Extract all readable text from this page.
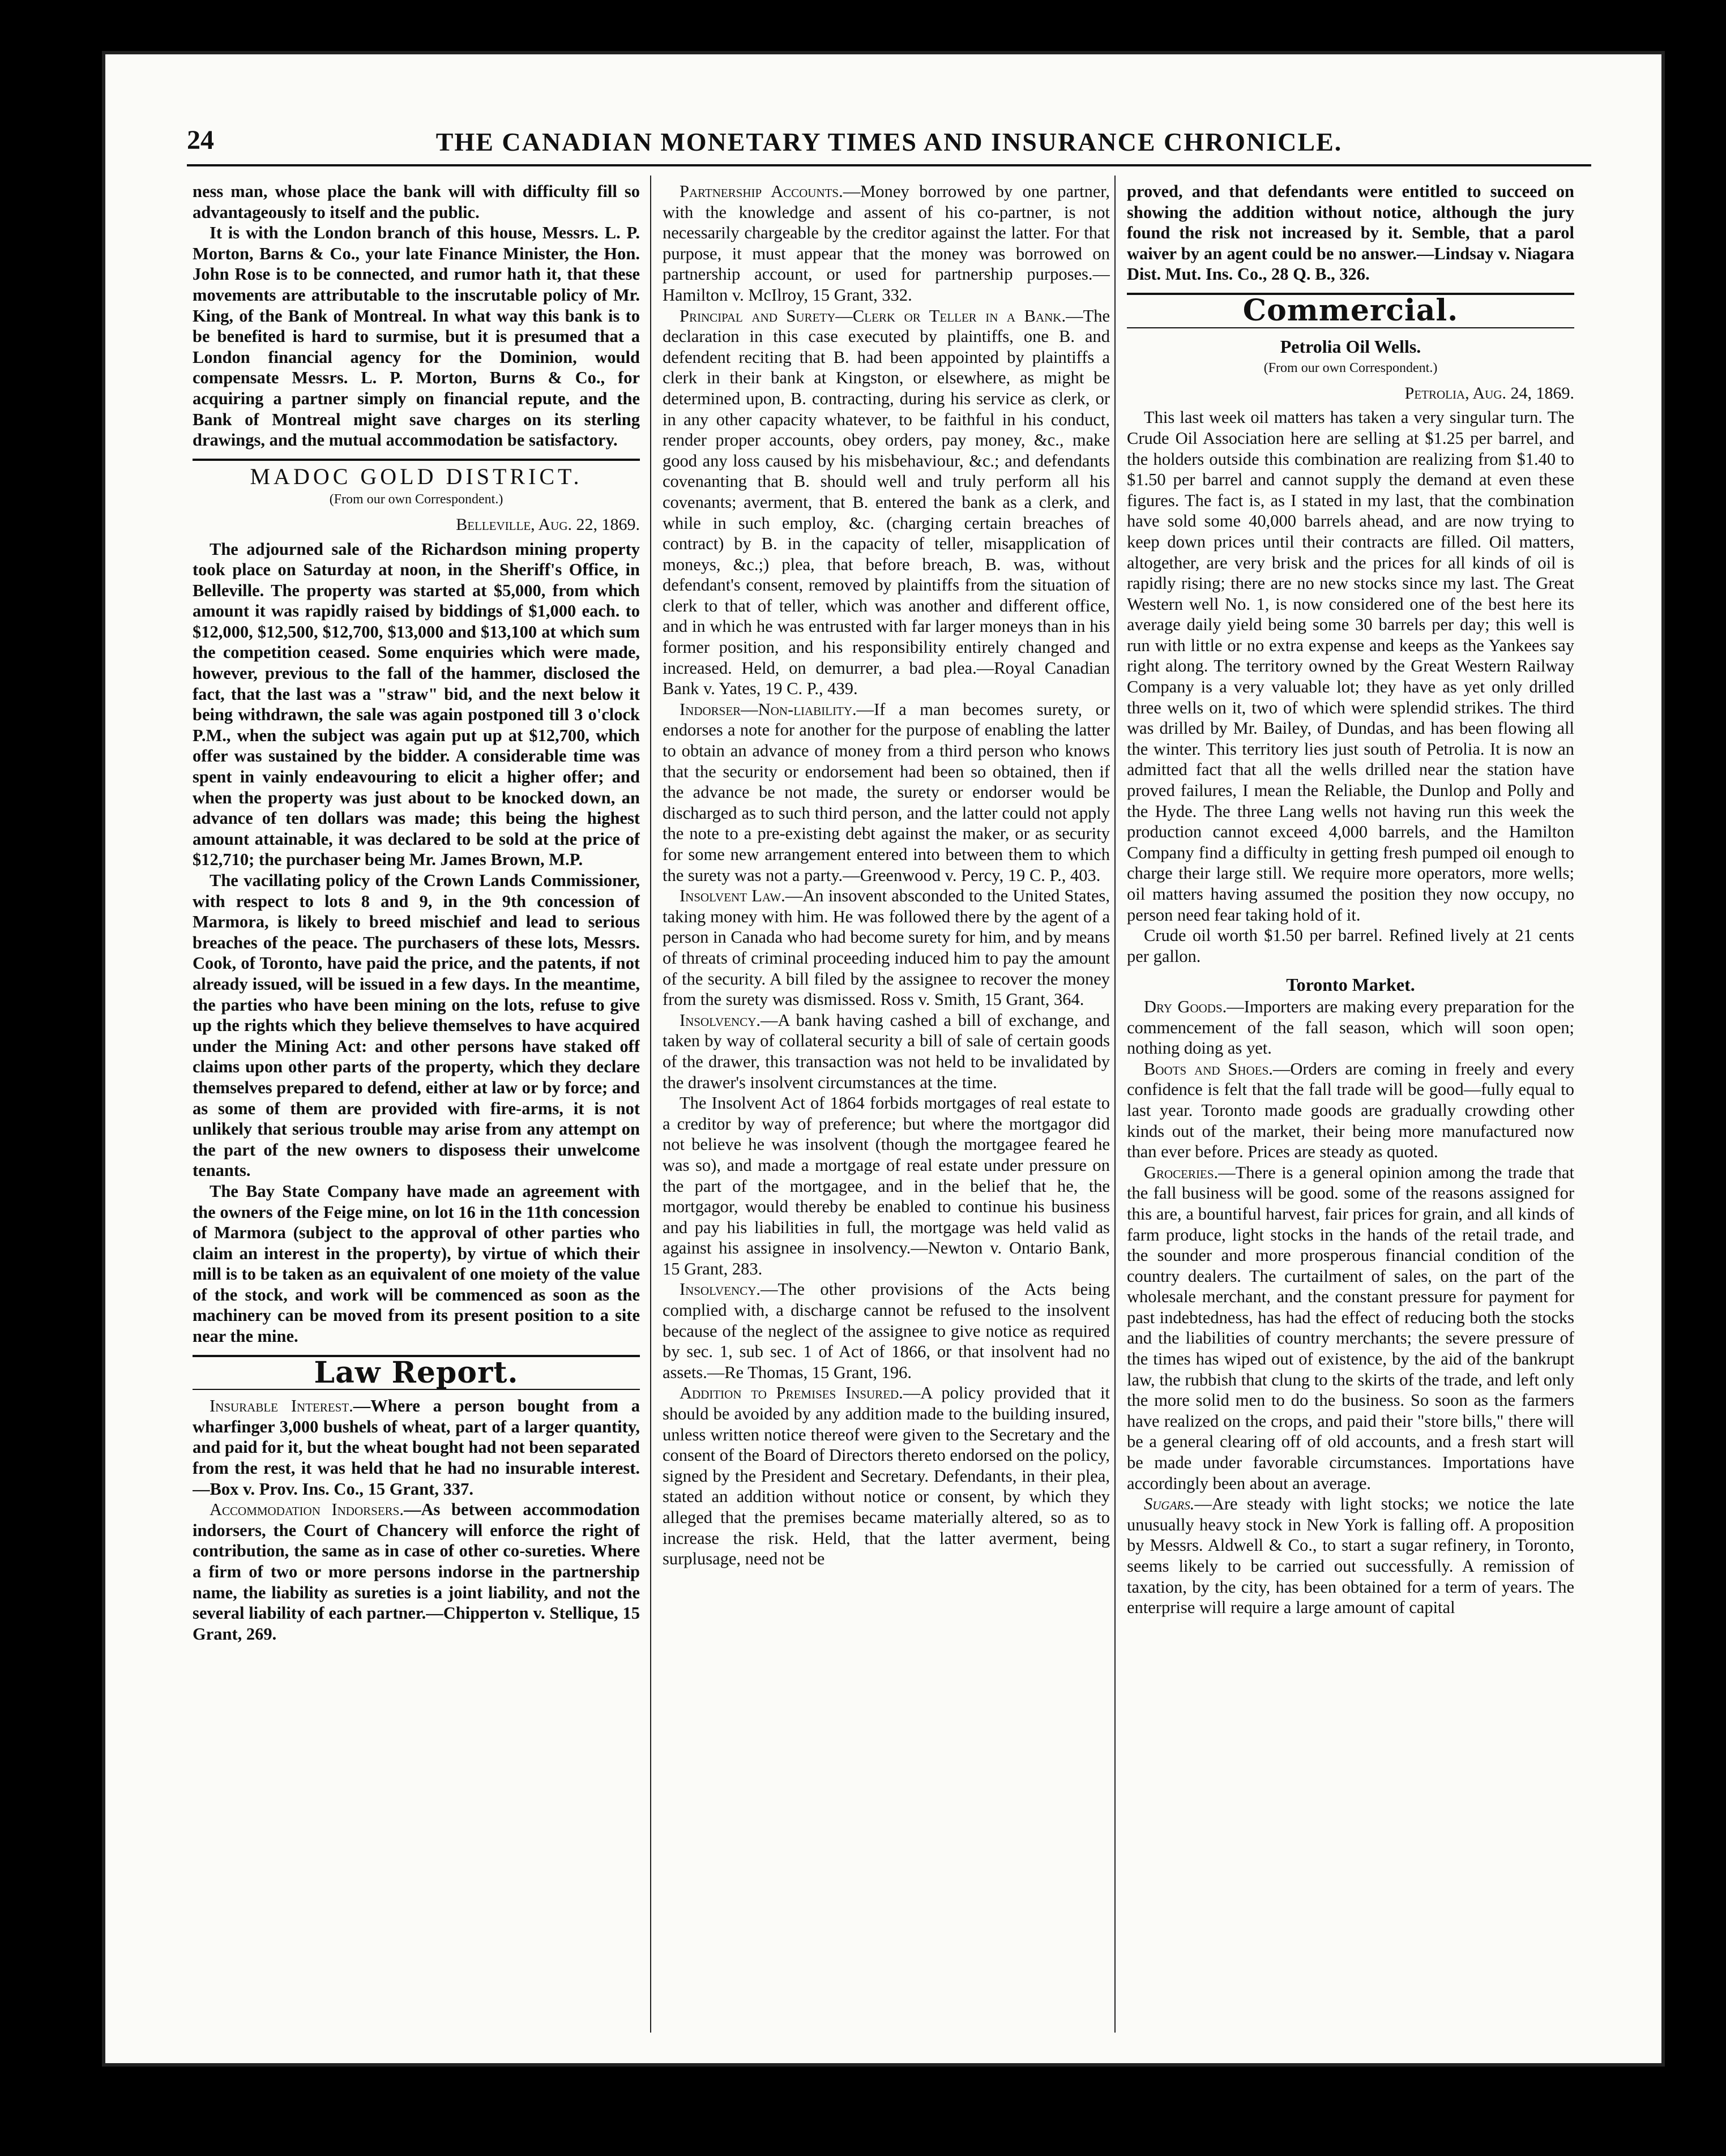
24	THE CANADIAN MONETARY TIMES AND INSURANCE CHRONICLE.

ness man, whose place the bank will with difficulty fill so advantageously to itself and the public.

It is with the London branch of this house, Messrs. L. P. Morton, Barns & Co., your late Finance Minister, the Hon. John Rose is to be connected, and rumor hath it, that these movements are attributable to the inscrutable policy of Mr. King, of the Bank of Montreal. In what way this bank is to be benefited is hard to surmise, but it is presumed that a London financial agency for the Dominion, would compensate Messrs. L. P. Morton, Burns & Co., for acquiring a partner simply on financial repute, and the Bank of Montreal might save charges on its sterling drawings, and the mutual accommodation be satisfactory.

MADOC GOLD DISTRICT.
(From our own Correspondent.)
Belleville, Aug. 22, 1869.

The adjourned sale of the Richardson mining property took place on Saturday at noon, in the Sheriff's Office, in Belleville. The property was started at $5,000, from which amount it was rapidly raised by biddings of $1,000 each. to $12,000, $12,500, $12,700, $13,000 and $13,100 at which sum the competition ceased. Some enquiries which were made, however, previous to the fall of the hammer, disclosed the fact, that the last was a "straw" bid, and the next below it being withdrawn, the sale was again postponed till 3 o'clock P.M., when the subject was again put up at $12,700, which offer was sustained by the bidder. A considerable time was spent in vainly endeavouring to elicit a higher offer; and when the property was just about to be knocked down, an advance of ten dollars was made; this being the highest amount attainable, it was declared to be sold at the price of $12,710; the purchaser being Mr. James Brown, M.P.

The vacillating policy of the Crown Lands Commissioner, with respect to lots 8 and 9, in the 9th concession of Marmora, is likely to breed mischief and lead to serious breaches of the peace. The purchasers of these lots, Messrs. Cook, of Toronto, have paid the price, and the patents, if not already issued, will be issued in a few days. In the meantime, the parties who have been mining on the lots, refuse to give up the rights which they believe themselves to have acquired under the Mining Act: and other persons have staked off claims upon other parts of the property, which they declare themselves prepared to defend, either at law or by force; and as some of them are provided with fire-arms, it is not unlikely that serious trouble may arise from any attempt on the part of the new owners to disposess their unwelcome tenants.

The Bay State Company have made an agreement with the owners of the Feige mine, on lot 16 in the 11th concession of Marmora (subject to the approval of other parties who claim an interest in the property), by virtue of which their mill is to be taken as an equivalent of one moiety of the value of the stock, and work will be commenced as soon as the machinery can be moved from its present position to a site near the mine.

Law Report.

Insurable Interest.—Where a person bought from a wharfinger 3,000 bushels of wheat, part of a larger quantity, and paid for it, but the wheat bought had not been separated from the rest, it was held that he had no insurable interest.—Box v. Prov. Ins. Co., 15 Grant, 337.

Accommodation Indorsers.—As between accommodation indorsers, the Court of Chancery will enforce the right of contribution, the same as in case of other co-sureties. Where a firm of two or more persons indorse in the partnership name, the liability as sureties is a joint liability, and not the several liability of each partner.—Chipperton v. Stellique, 15 Grant, 269.

Partnership Accounts.—Money borrowed by one partner, with the knowledge and assent of his co-partner, is not necessarily chargeable by the creditor against the latter. For that purpose, it must appear that the money was borrowed on partnership account, or used for partnership purposes.—Hamilton v. McIlroy, 15 Grant, 332.

Principal and Surety—Clerk or Teller in a Bank.—The declaration in this case executed by plaintiffs, one B. and defendent reciting that B. had been appointed by plaintiffs a clerk in their bank at Kingston, or elsewhere, as might be determined upon, B. contracting, during his service as clerk, or in any other capacity whatever, to be faithful in his conduct, render proper accounts, obey orders, pay money, &c., make good any loss caused by his misbehaviour, &c.; and defendants covenanting that B. should well and truly perform all his covenants; averment, that B. entered the bank as a clerk, and while in such employ, &c. (charging certain breaches of contract) by B. in the capacity of teller, misapplication of moneys, &c.;) plea, that before breach, B. was, without defendant's consent, removed by plaintiffs from the situation of clerk to that of teller, which was another and different office, and in which he was entrusted with far larger moneys than in his former position, and his responsibility entirely changed and increased. Held, on demurrer, a bad plea.—Royal Canadian Bank v. Yates, 19 C. P., 439.

Indorser—Non-liability.—If a man becomes surety, or endorses a note for another for the purpose of enabling the latter to obtain an advance of money from a third person who knows that the security or endorsement had been so obtained, then if the advance be not made, the surety or endorser would be discharged as to such third person, and the latter could not apply the note to a pre-existing debt against the maker, or as security for some new arrangement entered into between them to which the surety was not a party.—Greenwood v. Percy, 19 C. P., 403.

Insolvent Law.—An insovent absconded to the United States, taking money with him. He was followed there by the agent of a person in Canada who had become surety for him, and by means of threats of criminal proceeding induced him to pay the amount of the security. A bill filed by the assignee to recover the money from the surety was dismissed. Ross v. Smith, 15 Grant, 364.

Insolvency.—A bank having cashed a bill of exchange, and taken by way of collateral security a bill of sale of certain goods of the drawer, this transaction was not held to be invalidated by the drawer's insolvent circumstances at the time.

The Insolvent Act of 1864 forbids mortgages of real estate to a creditor by way of preference; but where the mortgagor did not believe he was insolvent (though the mortgagee feared he was so), and made a mortgage of real estate under pressure on the part of the mortgagee, and in the belief that he, the mortgagor, would thereby be enabled to continue his business and pay his liabilities in full, the mortgage was held valid as against his assignee in insolvency.—Newton v. Ontario Bank, 15 Grant, 283.

Insolvency.—The other provisions of the Acts being complied with, a discharge cannot be refused to the insolvent because of the neglect of the assignee to give notice as required by sec. 1, sub sec. 1 of Act of 1866, or that insolvent had no assets.—Re Thomas, 15 Grant, 196.

Addition to Premises Insured.—A policy provided that it should be avoided by any addition made to the building insured, unless written notice thereof were given to the Secretary and the consent of the Board of Directors thereto endorsed on the policy, signed by the President and Secretary. Defendants, in their plea, stated an addition without notice or consent, by which they alleged that the premises became materially altered, so as to increase the risk. Held, that the latter averment, being surplusage, need not be

proved, and that defendants were entitled to succeed on showing the addition without notice, although the jury found the risk not increased by it. Semble, that a parol waiver by an agent could be no answer.—Lindsay v. Niagara Dist. Mut. Ins. Co., 28 Q. B., 326.

Commercial.
Petrolia Oil Wells.
(From our own Correspondent.)
Petrolia, Aug. 24, 1869.

This last week oil matters has taken a very singular turn. The Crude Oil Association here are selling at $1.25 per barrel, and the holders outside this combination are realizing from $1.40 to $1.50 per barrel and cannot supply the demand at even these figures. The fact is, as I stated in my last, that the combination have sold some 40,000 barrels ahead, and are now trying to keep down prices until their contracts are filled. Oil matters, altogether, are very brisk and the prices for all kinds of oil is rapidly rising; there are no new stocks since my last. The Great Western well No. 1, is now considered one of the best here its average daily yield being some 30 barrels per day; this well is run with little or no extra expense and keeps as the Yankees say right along. The territory owned by the Great Western Railway Company is a very valuable lot; they have as yet only drilled three wells on it, two of which were splendid strikes. The third was drilled by Mr. Bailey, of Dundas, and has been flowing all the winter. This territory lies just south of Petrolia. It is now an admitted fact that all the wells drilled near the station have proved failures, I mean the Reliable, the Dunlop and Polly and the Hyde. The three Lang wells not having run this week the production cannot exceed 4,000 barrels, and the Hamilton Company find a difficulty in getting fresh pumped oil enough to charge their large still. We require more operators, more wells; oil matters having assumed the position they now occupy, no person need fear taking hold of it.

Crude oil worth $1.50 per barrel. Refined lively at 21 cents per gallon.

Toronto Market.

Dry Goods.—Importers are making every preparation for the commencement of the fall season, which will soon open; nothing doing as yet.

Boots and Shoes.—Orders are coming in freely and every confidence is felt that the fall trade will be good—fully equal to last year. Toronto made goods are gradually crowding other kinds out of the market, their being more manufactured now than ever before. Prices are steady as quoted.

Groceries.—There is a general opinion among the trade that the fall business will be good. some of the reasons assigned for this are, a bountiful harvest, fair prices for grain, and all kinds of farm produce, light stocks in the hands of the retail trade, and the sounder and more prosperous financial condition of the country dealers. The curtailment of sales, on the part of the wholesale merchant, and the constant pressure for payment for past indebtedness, has had the effect of reducing both the stocks and the liabilities of country merchants; the severe pressure of the times has wiped out of existence, by the aid of the bankrupt law, the rubbish that clung to the skirts of the trade, and left only the more solid men to do the business. So soon as the farmers have realized on the crops, and paid their "store bills," there will be a general clearing off of old accounts, and a fresh start will be made under favorable circumstances. Importations have accordingly been about an average.

Sugars.—Are steady with light stocks; we notice the late unusually heavy stock in New York is falling off. A proposition by Messrs. Aldwell & Co., to start a sugar refinery, in Toronto, seems likely to be carried out successfully. A remission of taxation, by the city, has been obtained for a term of years. The enterprise will require a large amount of capital
